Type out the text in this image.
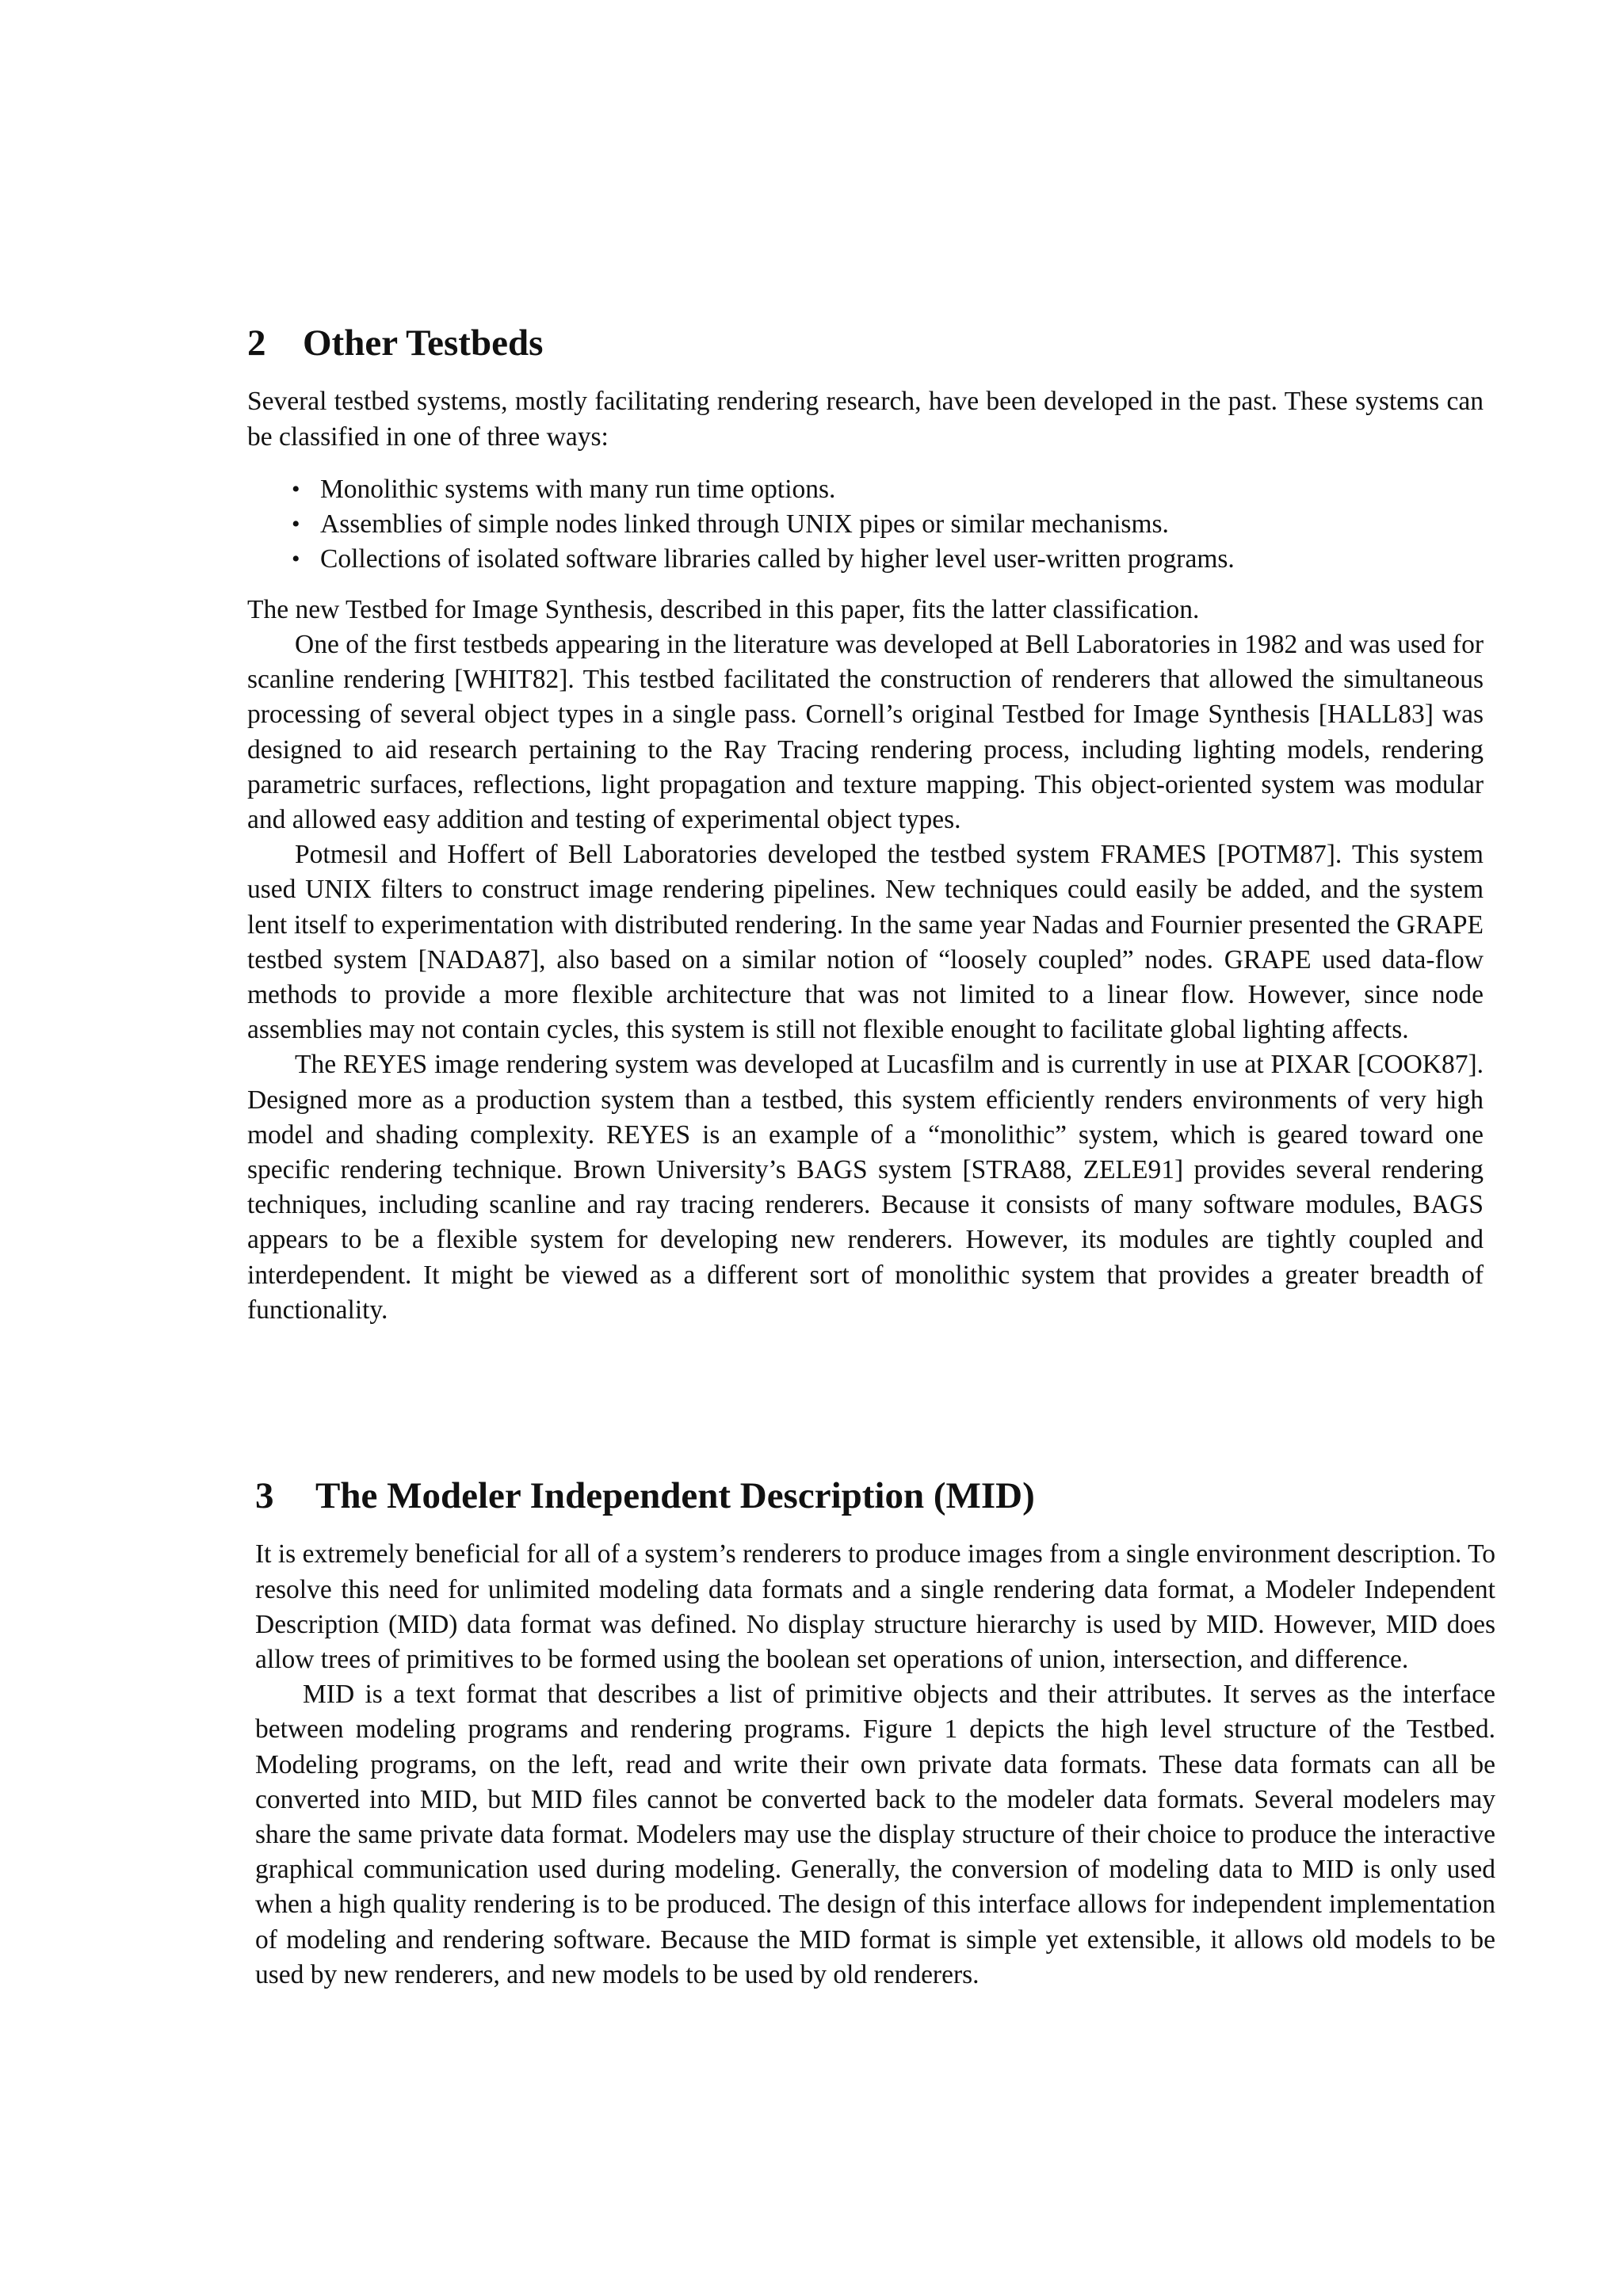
2 Other Testbeds

Several testbed systems, mostly facilitating rendering research, have been developed in the past. These systems can be classified in one of three ways:

• Monolithic systems with many run time options.
• Assemblies of simple nodes linked through UNIX pipes or similar mechanisms.
• Collections of isolated software libraries called by higher level user-written programs.

The new Testbed for Image Synthesis, described in this paper, fits the latter classification.

One of the first testbeds appearing in the literature was developed at Bell Laboratories in 1982 and was used for scanline rendering [WHIT82]. This testbed facilitated the construction of renderers that allowed the simultaneous processing of several object types in a single pass. Cornell’s original Testbed for Image Synthesis [HALL83] was designed to aid research pertaining to the Ray Tracing rendering process, including lighting models, rendering parametric surfaces, reflections, light propagation and texture mapping. This object-oriented system was modular and allowed easy addition and testing of experimental object types.

Potmesil and Hoffert of Bell Laboratories developed the testbed system FRAMES [POTM87]. This system used UNIX filters to construct image rendering pipelines. New techniques could easily be added, and the system lent itself to experimentation with distributed rendering. In the same year Nadas and Fournier presented the GRAPE testbed system [NADA87], also based on a similar notion of “loosely coupled” nodes. GRAPE used data-flow methods to provide a more flexible architecture that was not limited to a linear flow. However, since node assemblies may not contain cycles, this system is still not flexible enought to facilitate global lighting affects.

The REYES image rendering system was developed at Lucasfilm and is currently in use at PIXAR [COOK87]. Designed more as a production system than a testbed, this system efficiently renders environments of very high model and shading complexity. REYES is an example of a “monolithic” system, which is geared toward one specific rendering technique. Brown University’s BAGS system [STRA88, ZELE91] provides several rendering techniques, including scanline and ray tracing renderers. Because it consists of many software modules, BAGS appears to be a flexible system for developing new renderers. However, its modules are tightly coupled and interdependent. It might be viewed as a different sort of monolithic system that provides a greater breadth of functionality.

3	The Modeler Independent Description (MID)

It is extremely beneficial for all of a system’s renderers to produce images from a single environment description. To resolve this need for unlimited modeling data formats and a single rendering data format, a Modeler Independent Description (MID) data format was defined. No display structure hierarchy is used by MID. However, MID does allow trees of primitives to be formed using the boolean set operations of union, intersection, and difference.

MID is a text format that describes a list of primitive objects and their attributes. It serves as the interface between modeling programs and rendering programs. Figure 1 depicts the high level structure of the Testbed. Modeling programs, on the left, read and write their own private data formats. These data formats can all be converted into MID, but MID files cannot be converted back to the modeler data formats. Several modelers may share the same private data format. Modelers may use the display structure of their choice to produce the interactive graphical communication used during modeling. Generally, the conversion of modeling data to MID is only used when a high quality rendering is to be produced. The design of this interface allows for independent implementation of modeling and rendering software. Because the MID format is simple yet extensible, it allows old models to be used by new renderers, and new models to be used by old renderers.
